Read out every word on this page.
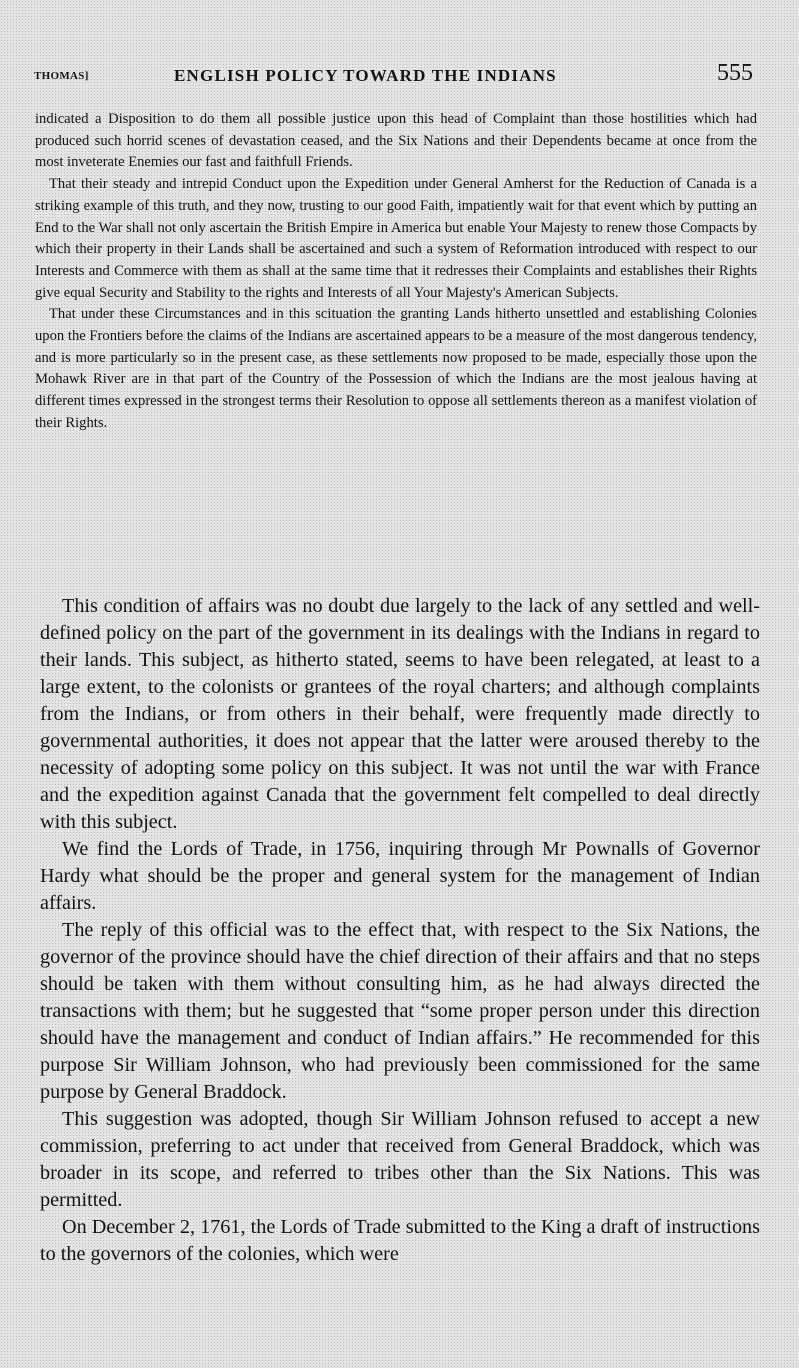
THOMAS]	ENGLISH POLICY TOWARD THE INDIANS	555

indicated a Disposition to do them all possible justice upon this head of Complaint than those hostilities which had produced such horrid scenes of devastation ceased, and the Six Nations and their Dependents became at once from the most inveterate Enemies our fast and faithfull Friends.

That their steady and intrepid Conduct upon the Expedition under General Amherst for the Reduction of Canada is a striking example of this truth, and they now, trusting to our good Faith, impatiently wait for that event which by putting an End to the War shall not only ascertain the British Empire in America but enable Your Majesty to renew those Compacts by which their property in their Lands shall be ascertained and such a system of Reformation introduced with respect to our Interests and Commerce with them as shall at the same time that it redresses their Complaints and establishes their Rights give equal Security and Stability to the rights and Interests of all Your Majesty's American Subjects.

That under these Circumstances and in this scituation the granting Lands hitherto unsettled and establishing Colonies upon the Frontiers before the claims of the Indians are ascertained appears to be a measure of the most dangerous tendency, and is more particularly so in the present case, as these settlements now proposed to be made, especially those upon the Mohawk River are in that part of the Country of the Possession of which the Indians are the most jealous having at different times expressed in the strongest terms their Resolution to oppose all settlements thereon as a manifest violation of their Rights.

This condition of affairs was no doubt due largely to the lack of any settled and well-defined policy on the part of the government in its dealings with the Indians in regard to their lands. This subject, as hitherto stated, seems to have been relegated, at least to a large extent, to the colonists or grantees of the royal charters; and although complaints from the Indians, or from others in their behalf, were frequently made directly to governmental authorities, it does not appear that the latter were aroused thereby to the necessity of adopting some policy on this subject. It was not until the war with France and the expedition against Canada that the government felt compelled to deal directly with this subject.

We find the Lords of Trade, in 1756, inquiring through Mr Pownalls of Governor Hardy what should be the proper and general system for the management of Indian affairs.

The reply of this official was to the effect that, with respect to the Six Nations, the governor of the province should have the chief direction of their affairs and that no steps should be taken with them without consulting him, as he had always directed the transactions with them; but he suggested that “some proper person under this direction should have the management and conduct of Indian affairs.” He recommended for this purpose Sir William Johnson, who had previously been commissioned for the same purpose by General Braddock.

This suggestion was adopted, though Sir William Johnson refused to accept a new commission, preferring to act under that received from General Braddock, which was broader in its scope, and referred to tribes other than the Six Nations. This was permitted.

On December 2, 1761, the Lords of Trade submitted to the King a draft of instructions to the governors of the colonies, which were
